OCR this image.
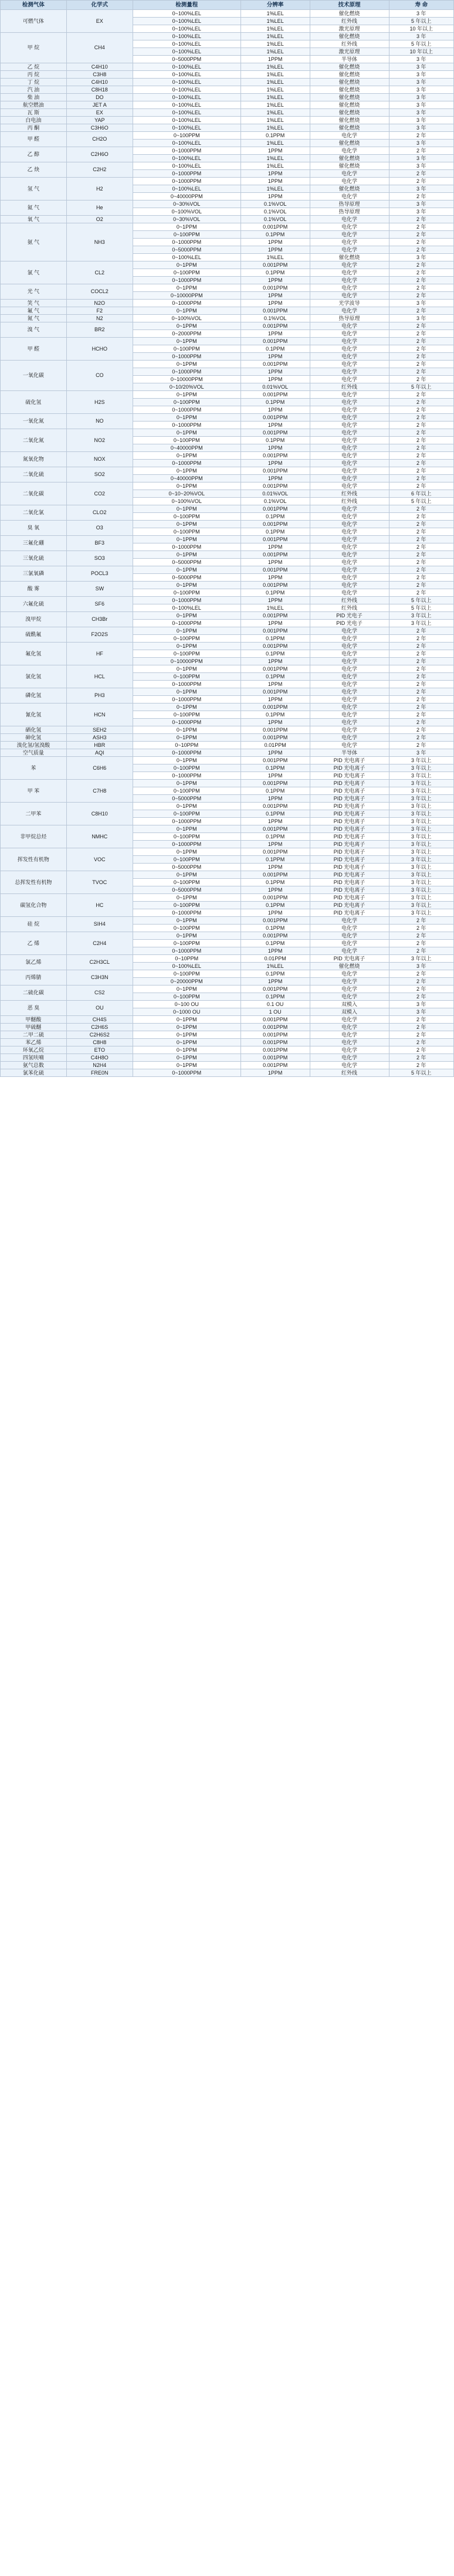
检测气体	化学式	检测量程	分辨率	技术原理	寿 命
可燃气体	EX	0~100%LEL	1%LEL	催化燃烧	3 年
		0~100%LEL	1%LEL	红外线	5 年以上
		0~100%LEL	1%LEL	激光原理	10 年以上
甲 烷	CH4	0~100%LEL	1%LEL	催化燃烧	3 年
		0~100%LEL	1%LEL	红外线	5 年以上
		0~100%LEL	1%LEL	激光原理	10 年以上
		0~5000PPM	1PPM	半导体	3 年
乙 烷	C4H10	0~100%LEL	1%LEL	催化燃烧	3 年
丙 烷	C3H8	0~100%LEL	1%LEL	催化燃烧	3 年
丁 烷	C4H10	0~100%LEL	1%LEL	催化燃烧	3 年
汽 油	C8H18	0~100%LEL	1%LEL	催化燃烧	3 年
柴 油	DO	0~100%LEL	1%LEL	催化燃烧	3 年
航空燃油	JET A	0~100%LEL	1%LEL	催化燃烧	3 年
瓦 斯	EX	0~100%LEL	1%LEL	催化燃烧	3 年
白电油	YAP	0~100%LEL	1%LEL	催化燃烧	3 年
丙 酮	C3H6O	0~100%LEL	1%LEL	催化燃烧	3 年
甲 醛	CH2O	0~100PPM	0.1PPM	电化学	2 年
		0~100%LEL	1%LEL	催化燃烧	3 年
乙 醇	C2H6O	0~1000PPM	1PPM	电化学	2 年
		0~100%LEL	1%LEL	催化燃烧	3 年
乙 炔	C2H2	0~100%LEL	1%LEL	催化燃烧	3 年
		0~1000PPM	1PPM	电化学	2 年
氢 气	H2	0~1000PPM	1PPM	电化学	2 年
		0~100%LEL	1%LEL	催化燃烧	3 年
		0~40000PPM	1PPM	电化学	2 年
氦 气	He	0~30%VOL	0.1%VOL	热导原理	3 年
		0~100%VOL	0.1%VOL	热导原理	3 年
氧 气	O2	0~30%VOL	0.1%VOL	电化学	2 年
氨 气	NH3	0~1PPM	0.001PPM	电化学	2 年
		0~100PPM	0.1PPM	电化学	2 年
		0~1000PPM	1PPM	电化学	2 年
		0~5000PPM	1PPM	电化学	2 年
		0~100%LEL	1%LEL	催化燃烧	3 年
氯 气	CL2	0~1PPM	0.001PPM	电化学	2 年
		0~100PPM	0.1PPM	电化学	2 年
		0~1000PPM	1PPM	电化学	2 年
光 气	COCL2	0~1PPM	0.001PPM	电化学	2 年
		0~10000PPM	1PPM	电化学	2 年
笑 气	N2O	0~1000PPM	1PPM	光学波导	3 年
氟 气	F2	0~1PPM	0.001PPM	电化学	2 年
氮 气	N2	0~100%VOL	0.1%VOL	热导原理	3 年
溴 气	BR2	0~1PPM	0.001PPM	电化学	2 年
		0~2000PPM	1PPM	电化学	2 年
甲 醛	HCHO	0~1PPM	0.001PPM	电化学	2 年
		0~100PPM	0.1PPM	电化学	2 年
		0~1000PPM	1PPM	电化学	2 年
一氧化碳	CO	0~1PPM	0.001PPM	电化学	2 年
		0~1000PPM	1PPM	电化学	2 年
		0~10000PPM	1PPM	电化学	2 年
		0~10/20%VOL	0.01%VOL	红外线	5 年以上
硫化氢	H2S	0~1PPM	0.001PPM	电化学	2 年
		0~100PPM	0.1PPM	电化学	2 年
		0~1000PPM	1PPM	电化学	2 年
一氧化氮	NO	0~1PPM	0.001PPM	电化学	2 年
		0~1000PPM	1PPM	电化学	2 年
二氧化氮	NO2	0~1PPM	0.001PPM	电化学	2 年
		0~100PPM	0.1PPM	电化学	2 年
		0~40000PPM	1PPM	电化学	2 年
氮氧化物	NOX	0~1PPM	0.001PPM	电化学	2 年
		0~1000PPM	1PPM	电化学	2 年
二氧化硫	SO2	0~1PPM	0.001PPM	电化学	2 年
		0~40000PPM	1PPM	电化学	2 年
二氧化碳	CO2	0~1PPM	0.001PPM	电化学	2 年
		0~10~20%VOL	0.01%VOL	红外线	6 年以上
		0~100%VOL	0.1%VOL	红外线	5 年以上
二氧化氯	CLO2	0~1PPM	0.001PPM	电化学	2 年
		0~100PPM	0.1PPM	电化学	2 年
臭 氧	O3	0~1PPM	0.001PPM	电化学	2 年
		0~100PPM	0.1PPM	电化学	2 年
三氟化硼	BF3	0~1PPM	0.001PPM	电化学	2 年
		0~1000PPM	1PPM	电化学	2 年
三氧化硫	SO3	0~1PPM	0.001PPM	电化学	2 年
		0~5000PPM	1PPM	电化学	2 年
三氯氧磷	POCL3	0~1PPM	0.001PPM	电化学	2 年
		0~5000PPM	1PPM	电化学	2 年
酸 雾	SW	0~1PPM	0.001PPM	电化学	2 年
		0~100PPM	0.1PPM	电化学	2 年
六氟化硫	SF6	0~1000PPM	1PPM	红外线	5 年以上
		0~100%LEL	1%LEL	红外线	5 年以上
溴甲烷	CH3Br	0~1PPM	0.001PPM	PID 光电子	3 年以上
		0~1000PPM	1PPM	PID 光电子	3 年以上
硫酰氟	F2O2S	0~1PPM	0.001PPM	电化学	2 年
		0~100PPM	0.1PPM	电化学	2 年
氟化氢	HF	0~1PPM	0.001PPM	电化学	2 年
		0~100PPM	0.1PPM	电化学	2 年
		0~10000PPM	1PPM	电化学	2 年
氯化氢	HCL	0~1PPM	0.001PPM	电化学	2 年
		0~100PPM	0.1PPM	电化学	2 年
		0~1000PPM	1PPM	电化学	2 年
磷化氢	PH3	0~1PPM	0.001PPM	电化学	2 年
		0~1000PPM	1PPM	电化学	2 年
氰化氢	HCN	0~1PPM	0.001PPM	电化学	2 年
		0~100PPM	0.1PPM	电化学	2 年
		0~1000PPM	1PPM	电化学	2 年
硒化氢	SEH2	0~1PPM	0.001PPM	电化学	2 年
砷化氢	ASH3	0~1PPM	0.001PPM	电化学	2 年
溴化氢/氢溴酸	HBR	0~10PPM	0.01PPM	电化学	2 年
空气质量	AQI	0~1000PPM	1PPM	半导体	3 年
苯	C6H6	0~1PPM	0.001PPM	PID 光电离子	3 年以上
		0~100PPM	0.1PPM	PID 光电离子	3 年以上
		0~1000PPM	1PPM	PID 光电离子	3 年以上
甲 苯	C7H8	0~1PPM	0.001PPM	PID 光电离子	3 年以上
		0~100PPM	0.1PPM	PID 光电离子	3 年以上
		0~5000PPM	1PPM	PID 光电离子	3 年以上
二甲苯	C8H10	0~1PPM	0.001PPM	PID 光电离子	3 年以上
		0~100PPM	0.1PPM	PID 光电离子	3 年以上
		0~1000PPM	1PPM	PID 光电离子	3 年以上
非甲烷总烃	NMHC	0~1PPM	0.001PPM	PID 光电离子	3 年以上
		0~100PPM	0.1PPM	PID 光电离子	3 年以上
		0~1000PPM	1PPM	PID 光电离子	3 年以上
挥发性有机物	VOC	0~1PPM	0.001PPM	PID 光电离子	3 年以上
		0~100PPM	0.1PPM	PID 光电离子	3 年以上
		0~5000PPM	1PPM	PID 光电离子	3 年以上
总挥发性有机物	TVOC	0~1PPM	0.001PPM	PID 光电离子	3 年以上
		0~100PPM	0.1PPM	PID 光电离子	3 年以上
		0~5000PPM	1PPM	PID 光电离子	3 年以上
碳氢化合物	HC	0~1PPM	0.001PPM	PID 光电离子	3 年以上
		0~100PPM	0.1PPM	PID 光电离子	3 年以上
		0~1000PPM	1PPM	PID 光电离子	3 年以上
硅 烷	SIH4	0~1PPM	0.001PPM	电化学	2 年
		0~100PPM	0.1PPM	电化学	2 年
乙 烯	C2H4	0~1PPM	0.001PPM	电化学	2 年
		0~100PPM	0.1PPM	电化学	2 年
		0~1000PPM	1PPM	电化学	2 年
氯乙烯	C2H3CL	0~10PPM	0.01PPM	PID 光电离子	3 年以上
		0~100%LEL	1%LEL	催化燃烧	3 年
丙烯腈	C3H3N	0~100PPM	0.1PPM	电化学	2 年
		0~20000PPM	1PPM	电化学	2 年
二硫化碳	CS2	0~1PPM	0.001PPM	电化学	2 年
		0~100PPM	0.1PPM	电化学	2 年
恶 臭	OU	0~100 OU	0.1 OU	双模入	3 年
		0~1000 OU	1 OU	双模入	3 年
甲醚酸	CH4S	0~1PPM	0.001PPM	电化学	2 年
甲硫醚	C2H6S	0~1PPM	0.001PPM	电化学	2 年
二甲二硫	C2H6S2	0~1PPM	0.001PPM	电化学	2 年
苯乙烯	C8H8	0~1PPM	0.001PPM	电化学	2 年
环氧乙烷	ETO	0~1PPM	0.001PPM	电化学	2 年
四氢呋喃	C4H8O	0~1PPM	0.001PPM	电化学	2 年
氨气总数	N2H4	0~1PPM	0.001PPM	电化学	2 年
氯苯化硫	FRE0N	0~1000PPM	1PPM	红外线	5 年以上
